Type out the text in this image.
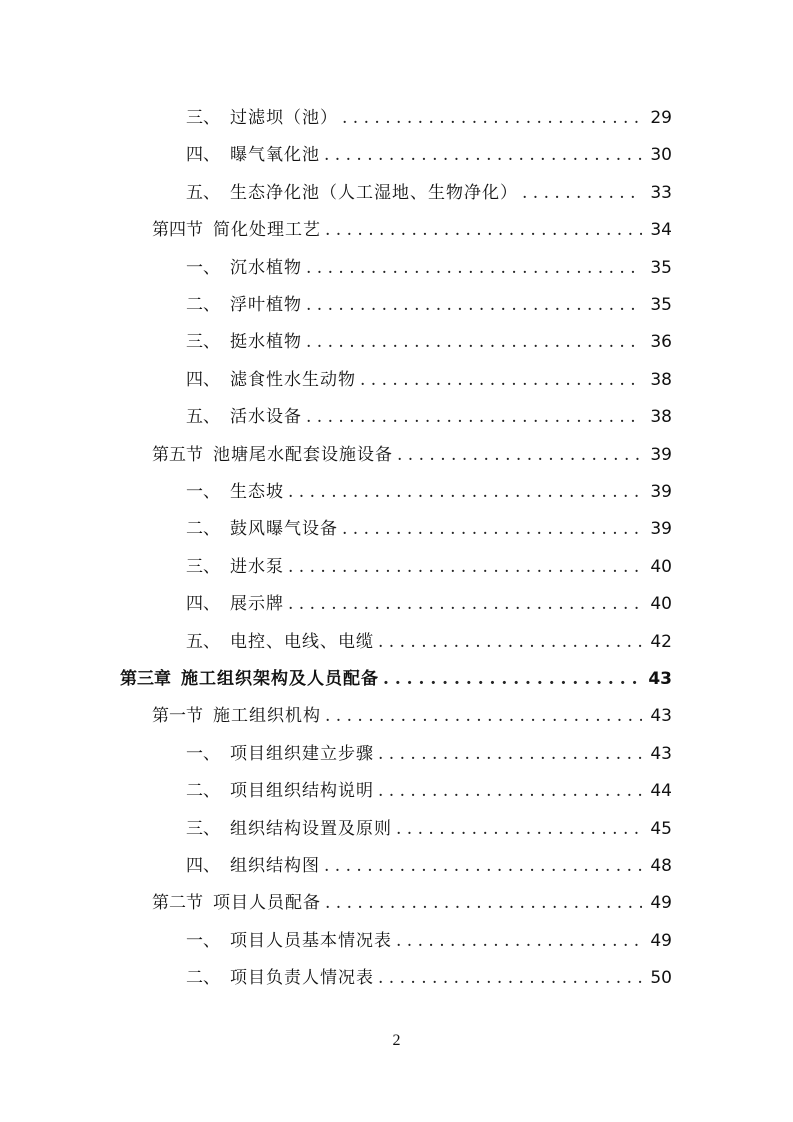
三、 过滤坝（池） . . .	29
四、 曝气氧化池 . . .	30
五、 生态净化池（人工湿地、生物净化） . . .	33
第四节 简化处理工艺 . . .	34
一、 沉水植物 . . .	35
二、 浮叶植物 . . .	35
三、 挺水植物 . . .	36
四、 滤食性水生动物 . . .	38
五、 活水设备 . . .	38
第五节 池塘尾水配套设施设备 . . .	39
一、 生态坡 . . .	39
二、 鼓风曝气设备 . . .	39
三、 进水泵 . . .	40
四、 展示牌 . . .	40
五、 电控、电线、电缆 . . .	42
第三章 施工组织架构及人员配备 . . .	43
第一节 施工组织机构 . . .	43
一、 项目组织建立步骤 . . .	43
二、 项目组织结构说明 . . .	44
三、 组织结构设置及原则 . . .	45
四、 组织结构图 . . .	48
第二节 项目人员配备 . . .	49
一、 项目人员基本情况表 . . .	49
二、 项目负责人情况表 . . .	50
2
